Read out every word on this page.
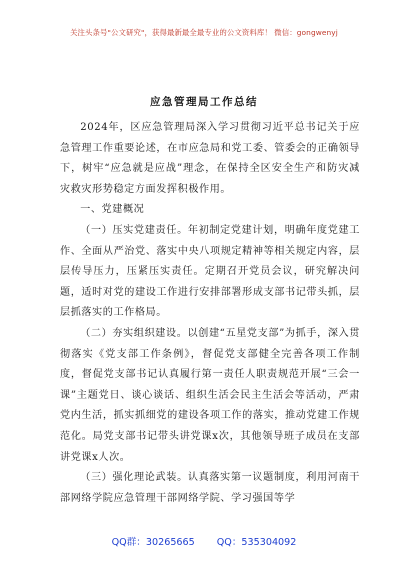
关注头条号"公文研究"，获得最新最全最专业的公文资料库！ 微信：gongwenyj
应急管理局工作总结

2024年，区应急管理局深入学习贯彻习近平总书记关于应急管理工作重要论述，在市应急局和党工委、管委会的正确领导下，树牢“应急就是应战”理念，在保持全区安全生产和防灾减灾救灾形势稳定方面发挥积极作用。

一、党建概况

（一）压实党建责任。年初制定党建计划，明确年度党建工作、全面从严治党、落实中央八项规定精神等相关规定内容，层层传导压力，压紧压实责任。定期召开党员会议，研究解决问题，适时对党的建设工作进行安排部署形成支部书记带头抓，层层抓落实的工作格局。

（二）夯实组织建设。以创建“五星党支部”为抓手，深入贯彻落实《党支部工作条例》，督促党支部健全完善各项工作制度，督促党支部书记认真履行第一责任人职责规范开展“三会一课”主题党日、谈心谈话、组织生活会民主生活会等活动，严肃党内生活，抓实抓细党的建设各项工作的落实，推动党建工作规范化。局党支部书记带头讲党课x次，其他领导班子成员在支部讲党课x人次。

（三）强化理论武装。认真落实第一议题制度，利用河南干部网络学院应急管理干部网络学院、学习强国等学

QQ群：30265665 QQ：535304092
